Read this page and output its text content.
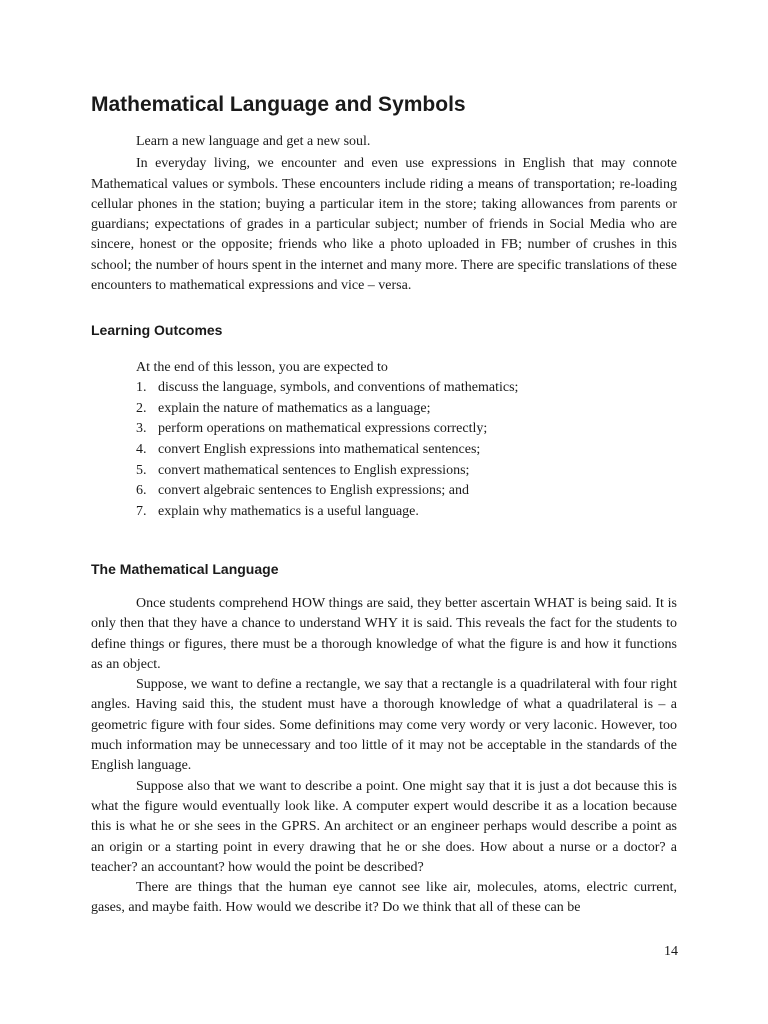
Mathematical Language and Symbols

Learn a new language and get a new soul.

In everyday living, we encounter and even use expressions in English that may connote Mathematical values or symbols. These encounters include riding a means of transportation; re-loading cellular phones in the station; buying a particular item in the store; taking allowances from parents or guardians; expectations of grades in a particular subject; number of friends in Social Media who are sincere, honest or the opposite; friends who like a photo uploaded in FB; number of crushes in this school; the number of hours spent in the internet and many more. There are specific translations of these encounters to mathematical expressions and vice – versa.

Learning Outcomes

At the end of this lesson, you are expected to

1. discuss the language, symbols, and conventions of mathematics;
2. explain the nature of mathematics as a language;
3. perform operations on mathematical expressions correctly;
4. convert English expressions into mathematical sentences;
5. convert mathematical sentences to English expressions;
6. convert algebraic sentences to English expressions; and
7. explain why mathematics is a useful language.
The Mathematical Language

Once students comprehend HOW things are said, they better ascertain WHAT is being said. It is only then that they have a chance to understand WHY it is said. This reveals the fact for the students to define things or figures, there must be a thorough knowledge of what the figure is and how it functions as an object.

Suppose, we want to define a rectangle, we say that a rectangle is a quadrilateral with four right angles. Having said this, the student must have a thorough knowledge of what a quadrilateral is – a geometric figure with four sides. Some definitions may come very wordy or very laconic. However, too much information may be unnecessary and too little of it may not be acceptable in the standards of the English language.

Suppose also that we want to describe a point. One might say that it is just a dot because this is what the figure would eventually look like. A computer expert would describe it as a location because this is what he or she sees in the GPRS. An architect or an engineer perhaps would describe a point as an origin or a starting point in every drawing that he or she does. How about a nurse or a doctor? a teacher? an accountant? how would the point be described?

There are things that the human eye cannot see like air, molecules, atoms, electric current, gases, and maybe faith. How would we describe it? Do we think that all of these can be

14
